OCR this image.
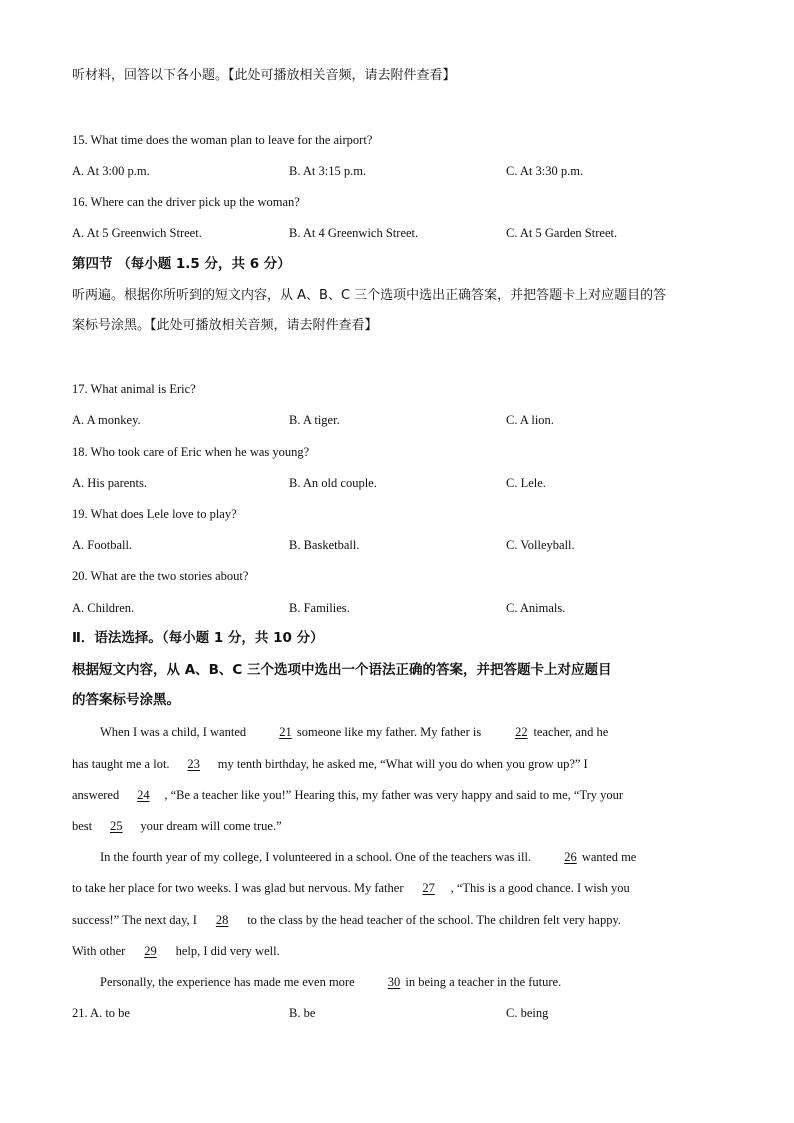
听材料，回答以下各小题。【此处可播放相关音频，请去附件查看】
15. What time does the woman plan to leave for the airport?
A. At 3:00 p.m.	B. At 3:15 p.m.	C. At 3:30 p.m.
16. Where can the driver pick up the woman?
A. At 5 Greenwich Street.	B. At 4 Greenwich Street.	C. At 5 Garden Street.
第四节 （每小题 1.5 分，共 6 分）
听两遍。根据你所听到的短文内容，从 A、B、C 三个选项中选出正确答案，并把答题卡上对应题目的答
案标号涂黑。【此处可播放相关音频，请去附件查看】
17. What animal is Eric?
A. A monkey.	B. A tiger.	C. A lion.
18. Who took care of Eric when he was young?
A. His parents.	B. An old couple.	C. Lele.
19. What does Lele love to play?
A. Football.	B. Basketball.	C. Volleyball.
20. What are the two stories about?
A. Children.	B. Families.	C. Animals.
Ⅱ．语法选择。（每小题 1 分，共 10 分）
根据短文内容，从 A、B、C 三个选项中选出一个语法正确的答案，并把答题卡上对应题目
的答案标号涂黑。
When I was a child, I wanted 21 someone like my father. My father is 22 teacher, and he
has taught me a lot. 23 my tenth birthday, he asked me, “What will you do when you grow up?” I
answered 24 , “Be a teacher like you!” Hearing this, my father was very happy and said to me, “Try your
best 25 your dream will come true.”
In the fourth year of my college, I volunteered in a school. One of the teachers was ill. 26 wanted me
to take her place for two weeks. I was glad but nervous. My father 27 , “This is a good chance. I wish you
success!” The next day, I 28 to the class by the head teacher of the school. The children felt very happy.
With other 29 help, I did very well.
Personally, the experience has made me even more 30 in being a teacher in the future.
21. A. to be	B. be	C. being
